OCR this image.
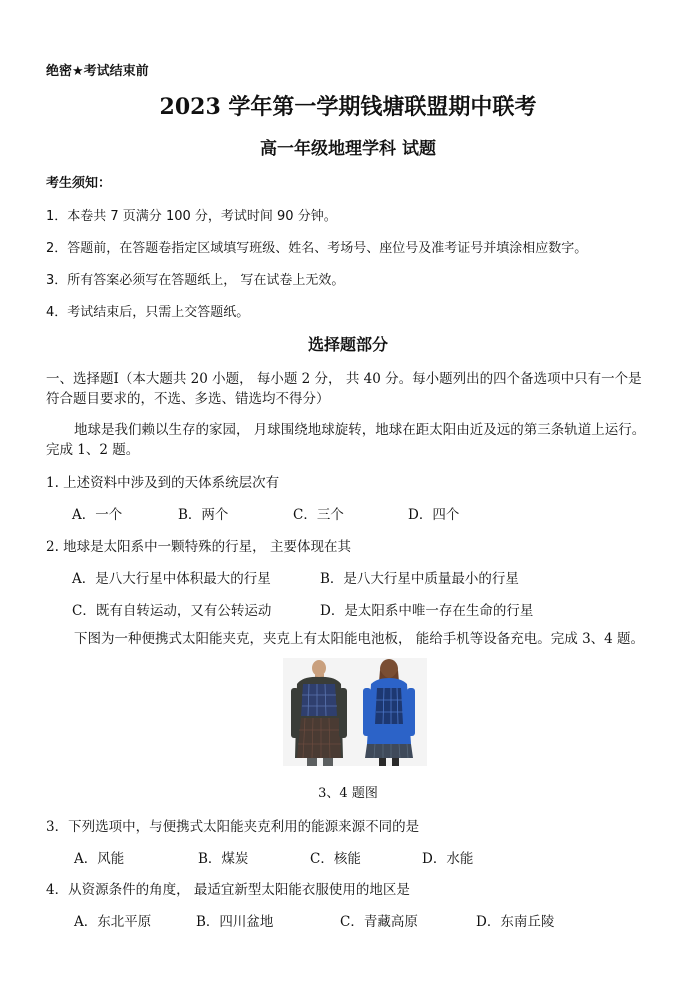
绝密★考试结束前
2023 学年第一学期钱塘联盟期中联考
高一年级地理学科 试题
考生须知：
1．本卷共 7 页满分 100 分，考试时间 90 分钟。
2．答题前，在答题卷指定区域填写班级、姓名、考场号、座位号及准考证号并填涂相应数字。
3．所有答案必须写在答题纸上， 写在试卷上无效。
4．考试结束后，只需上交答题纸。
选择题部分
一、选择题Ⅰ（本大题共 20 小题， 每小题 2 分， 共 40 分。每小题列出的四个备选项中只有一个是
符合题目要求的，不选、多选、错选均不得分）
地球是我们赖以生存的家园， 月球围绕地球旋转，地球在距太阳由近及远的第三条轨道上运行。
完成 1、2 题。
1. 上述资料中涉及到的天体系统层次有
A．一个	B．两个	C．三个	D．四个
2. 地球是太阳系中一颗特殊的行星， 主要体现在其
A．是八大行星中体积最大的行星	B．是八大行星中质量最小的行星
C．既有自转运动，又有公转运动	D．是太阳系中唯一存在生命的行星
下图为一种便携式太阳能夹克，夹克上有太阳能电池板， 能给手机等设备充电。完成 3、4 题。
3、4 题图
3．下列选项中，与便携式太阳能夹克利用的能源来源不同的是
A．风能	B．煤炭	C．核能	D．水能
4．从资源条件的角度， 最适宜新型太阳能衣服使用的地区是
A．东北平原	B．四川盆地	C．青藏高原	D．东南丘陵
